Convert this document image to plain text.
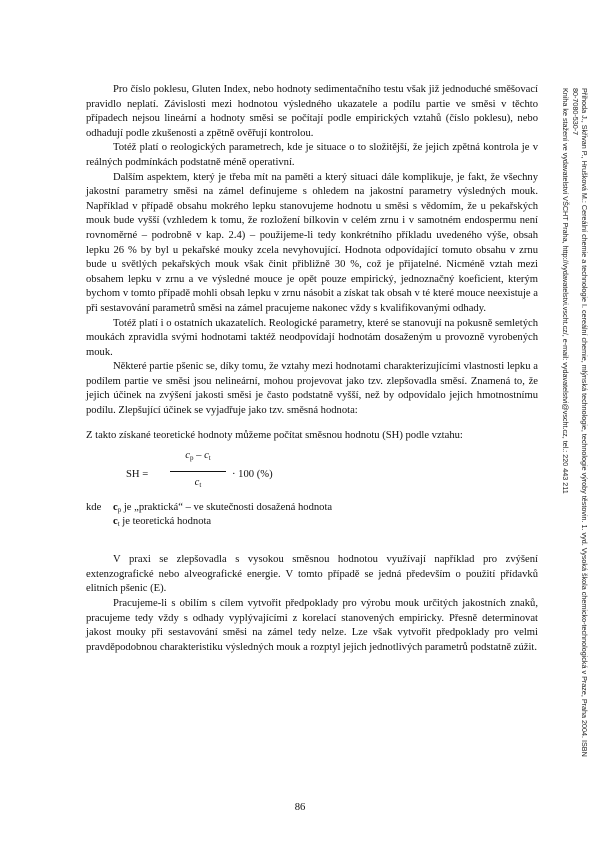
Příhoda J., Skřivan P., Hrušková M.: Cereální chemie a technologie I. cereální chemie, mlýnská technologie, technologie výroby těstovin. 1. vyd. Vysoká škola chemicko-technologická v Praze, Praha 2004. ISBN
80-7080-530-7
Kniha ke stažení ve vydavatelství VŠCHT Praha, http://vydavatelstvi.vscht.cz/, e-mail: vydavatelstvi@vscht.cz, tel.: 220 443 211

Pro číslo poklesu, Gluten Index, nebo hodnoty sedimentačního testu však již jednoduché směšovací pravidlo neplatí. Závislosti mezi hodnotou výsledného ukazatele a podílu partie ve směsi v těchto případech nejsou lineární a hodnoty směsi se počítají podle empirických vztahů (číslo poklesu), nebo odhadují podle zkušenosti a zpětně ověřují kontrolou.

Totéž platí o reologických parametrech, kde je situace o to složitější, že jejich zpětná kontrola je v reálných podmínkách podstatně méně operativní.

Dalším aspektem, který je třeba mít na paměti a který situaci dále komplikuje, je fakt, že všechny jakostní parametry směsi na zámel definujeme s ohledem na jakostní parametry výsledných mouk. Například v případě obsahu mokrého lepku stanovujeme hodnotu u směsi s vědomím, že u pekařských mouk bude vyšší (vzhledem k tomu, že rozložení bílkovin v celém zrnu i v samotném endospermu není rovnoměrné – podrobně v kap. 2.4) – použijeme-li tedy konkrétního příkladu uvedeného výše, obsah lepku 26 % by byl u pekařské mouky zcela nevyhovující. Hodnota odpovídající tomuto obsahu v zrnu bude u světlých pekařských mouk však činit přibližně 30 %, což je přijatelné. Nicméně vztah mezi obsahem lepku v zrnu a ve výsledné mouce je opět pouze empirický, jednoznačný koeficient, kterým bychom v tomto případě mohli obsah lepku v zrnu násobit a získat tak obsah v té které mouce neexistuje a při sestavování parametrů směsi na zámel pracujeme nakonec vždy s kvalifikovanými odhady.

Totéž platí i o ostatních ukazatelích. Reologické parametry, které se stanovují na pokusně semletých moukách zpravidla svými hodnotami taktéž neodpovídají hodnotám dosaženým u provozně vyrobených mouk.

Některé partie pšenic se, díky tomu, že vztahy mezi hodnotami charakterizujícími vlastnosti lepku a podílem partie ve směsi jsou nelineární, mohou projevovat jako tzv. zlepšovadla směsí. Znamená to, že jejich účinek na zvýšení jakosti směsi je často podstatně vyšší, než by odpovídalo jejich hmotnostnímu podílu. Zlepšující účinek se vyjadřuje jako tzv. směsná hodnota:

Z takto získané teoretické hodnoty můžeme počítat směsnou hodnotu (SH) podle vztahu:

SH =
$c_p - c_t$
$c_t$
· 100 (%)
kde $c_p$ je „praktická“ – ve skutečnosti dosažená hodnota
$c_t$ je teoretická hodnota

V praxi se zlepšovadla s vysokou směsnou hodnotou využívají například pro zvýšení extenzografické nebo alveografické energie. V tomto případě se jedná především o použití přídavků elitních pšenic (E).

Pracujeme-li s obilím s cílem vytvořit předpoklady pro výrobu mouk určitých jakostních znaků, pracujeme tedy vždy s odhady vyplývajícími z korelací stanovených empiricky. Přesně determinovat jakost mouky při sestavování směsi na zámel tedy nelze. Lze však vytvořit předpoklady pro velmi pravděpodobnou charakteristiku výsledných mouk a rozptyl jejich jednotlivých parametrů podstatně zúžit.

86
